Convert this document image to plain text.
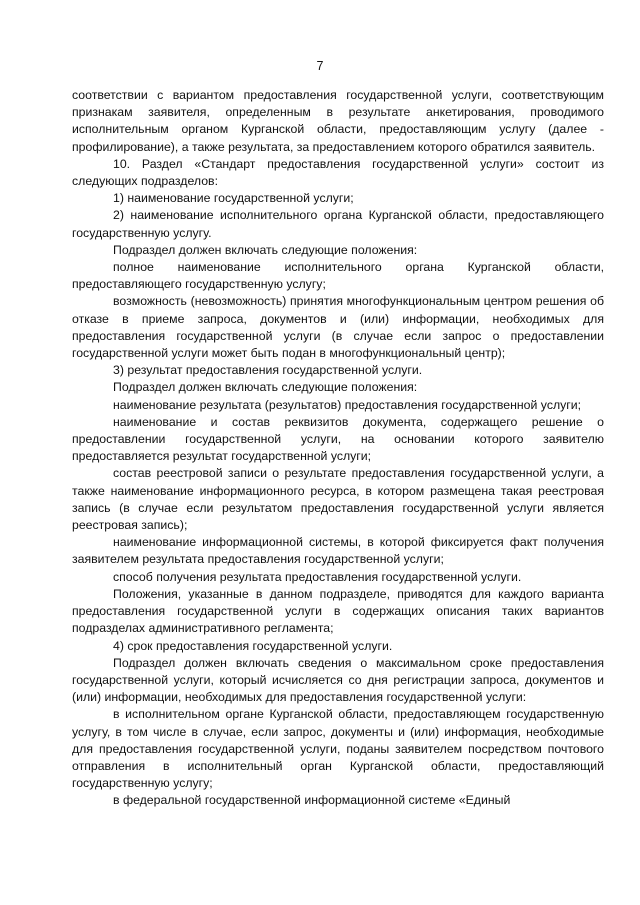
7

соответствии с вариантом предоставления государственной услуги, соответствующим признакам заявителя, определенным в результате анкетирования, проводимого исполнительным органом Курганской области, предоставляющим услугу (далее - профилирование), а также результата, за предоставлением которого обратился заявитель.

10. Раздел «Стандарт предоставления государственной услуги» состоит из следующих подразделов:

1) наименование государственной услуги;

2) наименование исполнительного органа Курганской области, предоставляющего государственную услугу.

Подраздел должен включать следующие положения:

полное наименование исполнительного органа Курганской области, предоставляющего государственную услугу;

возможность (невозможность) принятия многофункциональным центром решения об отказе в приеме запроса, документов и (или) информации, необходимых для предоставления государственной услуги (в случае если запрос о предоставлении государственной услуги может быть подан в многофункциональный центр);

3) результат предоставления государственной услуги.

Подраздел должен включать следующие положения:

наименование результата (результатов) предоставления государственной услуги;

наименование и состав реквизитов документа, содержащего решение о предоставлении государственной услуги, на основании которого заявителю предоставляется результат государственной услуги;

состав реестровой записи о результате предоставления государственной услуги, а также наименование информационного ресурса, в котором размещена такая реестровая запись (в случае если результатом предоставления государственной услуги является реестровая запись);

наименование информационной системы, в которой фиксируется факт получения заявителем результата предоставления государственной услуги;

способ получения результата предоставления государственной услуги.

Положения, указанные в данном подразделе, приводятся для каждого варианта предоставления государственной услуги в содержащих описания таких вариантов подразделах административного регламента;

4) срок предоставления государственной услуги.

Подраздел должен включать сведения о максимальном сроке предоставления государственной услуги, который исчисляется со дня регистрации запроса, документов и (или) информации, необходимых для предоставления государственной услуги:

в исполнительном органе Курганской области, предоставляющем государственную услугу, в том числе в случае, если запрос, документы и (или) информация, необходимые для предоставления государственной услуги, поданы заявителем посредством почтового отправления в исполнительный орган Курганской области, предоставляющий государственную услугу;

в федеральной государственной информационной системе «Единый
